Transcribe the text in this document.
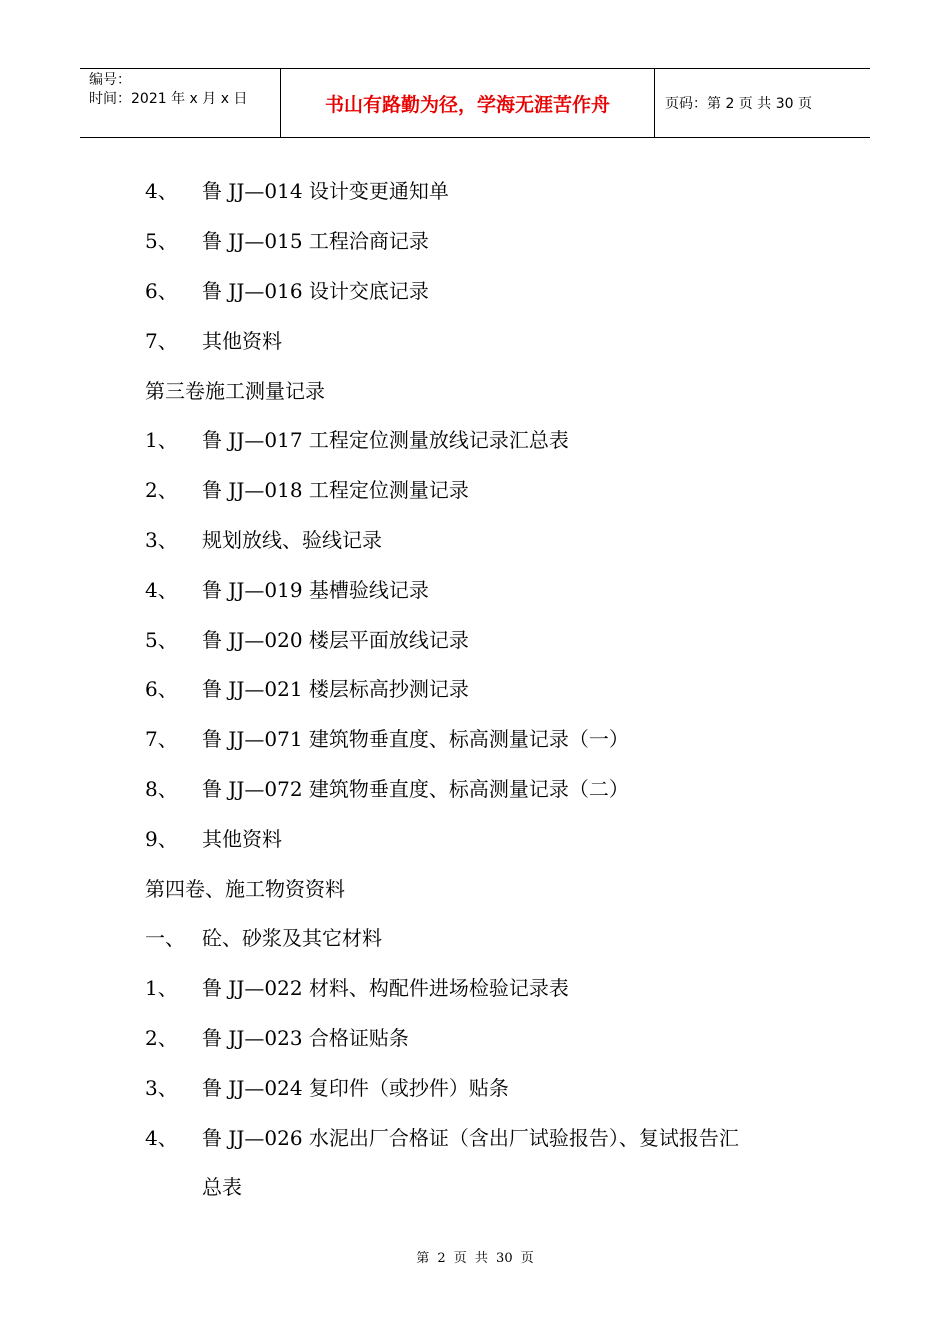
编号：
时间：2021 年 x 月 x 日	书山有路勤为径，学海无涯苦作舟	页码：第 2 页 共 30 页
4、	鲁 JJ—014 设计变更通知单
5、	鲁 JJ—015 工程洽商记录
6、	鲁 JJ—016 设计交底记录
7、	其他资料
第三卷施工测量记录
1、	鲁 JJ—017 工程定位测量放线记录汇总表
2、	鲁 JJ—018 工程定位测量记录
3、	规划放线、验线记录
4、	鲁 JJ—019 基槽验线记录
5、	鲁 JJ—020 楼层平面放线记录
6、	鲁 JJ—021 楼层标高抄测记录
7、	鲁 JJ—071 建筑物垂直度、标高测量记录（一）
8、	鲁 JJ—072 建筑物垂直度、标高测量记录（二）
9、	其他资料
第四卷、施工物资资料
一、 砼、砂浆及其它材料
1、	鲁 JJ—022 材料、构配件进场检验记录表
2、	鲁 JJ—023 合格证贴条
3、	鲁 JJ—024 复印件（或抄件）贴条
4、	鲁 JJ—026 水泥出厂合格证（含出厂试验报告）、复试报告汇
总表
第 2 页 共 30 页
